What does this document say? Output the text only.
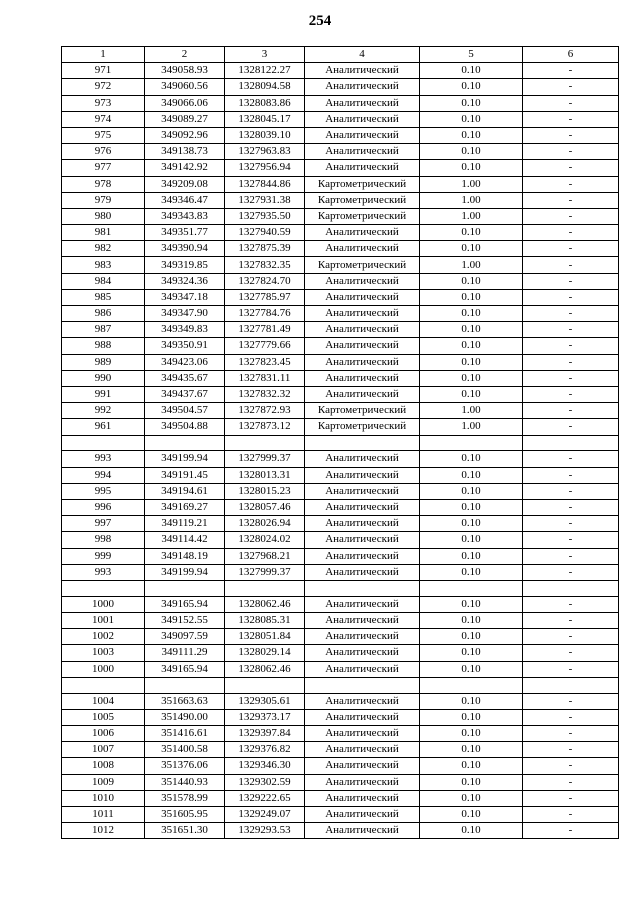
254
1	2	3	4	5	6
971	349058.93	1328122.27	Аналитический	0.10	-
972	349060.56	1328094.58	Аналитический	0.10	-
973	349066.06	1328083.86	Аналитический	0.10	-
974	349089.27	1328045.17	Аналитический	0.10	-
975	349092.96	1328039.10	Аналитический	0.10	-
976	349138.73	1327963.83	Аналитический	0.10	-
977	349142.92	1327956.94	Аналитический	0.10	-
978	349209.08	1327844.86	Картометрический	1.00	-
979	349346.47	1327931.38	Картометрический	1.00	-
980	349343.83	1327935.50	Картометрический	1.00	-
981	349351.77	1327940.59	Аналитический	0.10	-
982	349390.94	1327875.39	Аналитический	0.10	-
983	349319.85	1327832.35	Картометрический	1.00	-
984	349324.36	1327824.70	Аналитический	0.10	-
985	349347.18	1327785.97	Аналитический	0.10	-
986	349347.90	1327784.76	Аналитический	0.10	-
987	349349.83	1327781.49	Аналитический	0.10	-
988	349350.91	1327779.66	Аналитический	0.10	-
989	349423.06	1327823.45	Аналитический	0.10	-
990	349435.67	1327831.11	Аналитический	0.10	-
991	349437.67	1327832.32	Аналитический	0.10	-
992	349504.57	1327872.93	Картометрический	1.00	-
961	349504.88	1327873.12	Картометрический	1.00	-

993	349199.94	1327999.37	Аналитический	0.10	-
994	349191.45	1328013.31	Аналитический	0.10	-
995	349194.61	1328015.23	Аналитический	0.10	-
996	349169.27	1328057.46	Аналитический	0.10	-
997	349119.21	1328026.94	Аналитический	0.10	-
998	349114.42	1328024.02	Аналитический	0.10	-
999	349148.19	1327968.21	Аналитический	0.10	-
993	349199.94	1327999.37	Аналитический	0.10	-

1000	349165.94	1328062.46	Аналитический	0.10	-
1001	349152.55	1328085.31	Аналитический	0.10	-
1002	349097.59	1328051.84	Аналитический	0.10	-
1003	349111.29	1328029.14	Аналитический	0.10	-
1000	349165.94	1328062.46	Аналитический	0.10	-

1004	351663.63	1329305.61	Аналитический	0.10	-
1005	351490.00	1329373.17	Аналитический	0.10	-
1006	351416.61	1329397.84	Аналитический	0.10	-
1007	351400.58	1329376.82	Аналитический	0.10	-
1008	351376.06	1329346.30	Аналитический	0.10	-
1009	351440.93	1329302.59	Аналитический	0.10	-
1010	351578.99	1329222.65	Аналитический	0.10	-
1011	351605.95	1329249.07	Аналитический	0.10	-
1012	351651.30	1329293.53	Аналитический	0.10	-
